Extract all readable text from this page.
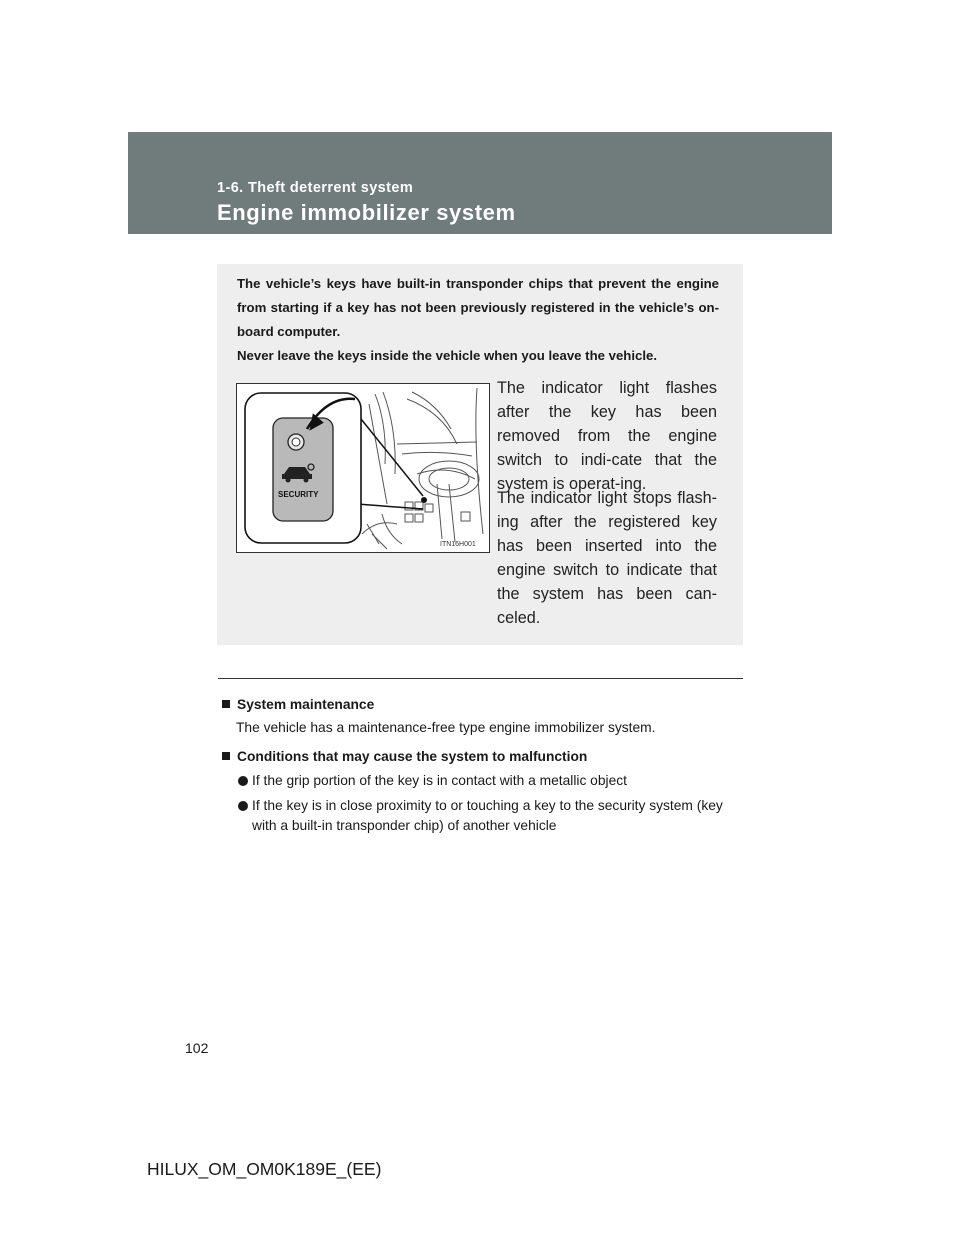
1-6. Theft deterrent system
Engine immobilizer system

The vehicle’s keys have built-in transponder chips that prevent the engine from starting if a key has not been previously registered in the vehicle’s on-board computer.

Never leave the keys inside the vehicle when you leave the vehicle.

SECURITY
ITN16H001

The indicator light flashes after the key has been removed from the engine switch to indi-cate that the system is operat-ing.

The indicator light stops flash-ing after the registered key has been inserted into the engine switch to indicate that the system has been can-celed.

System maintenance
The vehicle has a maintenance-free type engine immobilizer system.
Conditions that may cause the system to malfunction
If the grip portion of the key is in contact with a metallic object
If the key is in close proximity to or touching a key to the security system (key with a built-in transponder chip) of another vehicle
102
HILUX_OM_OM0K189E_(EE)
